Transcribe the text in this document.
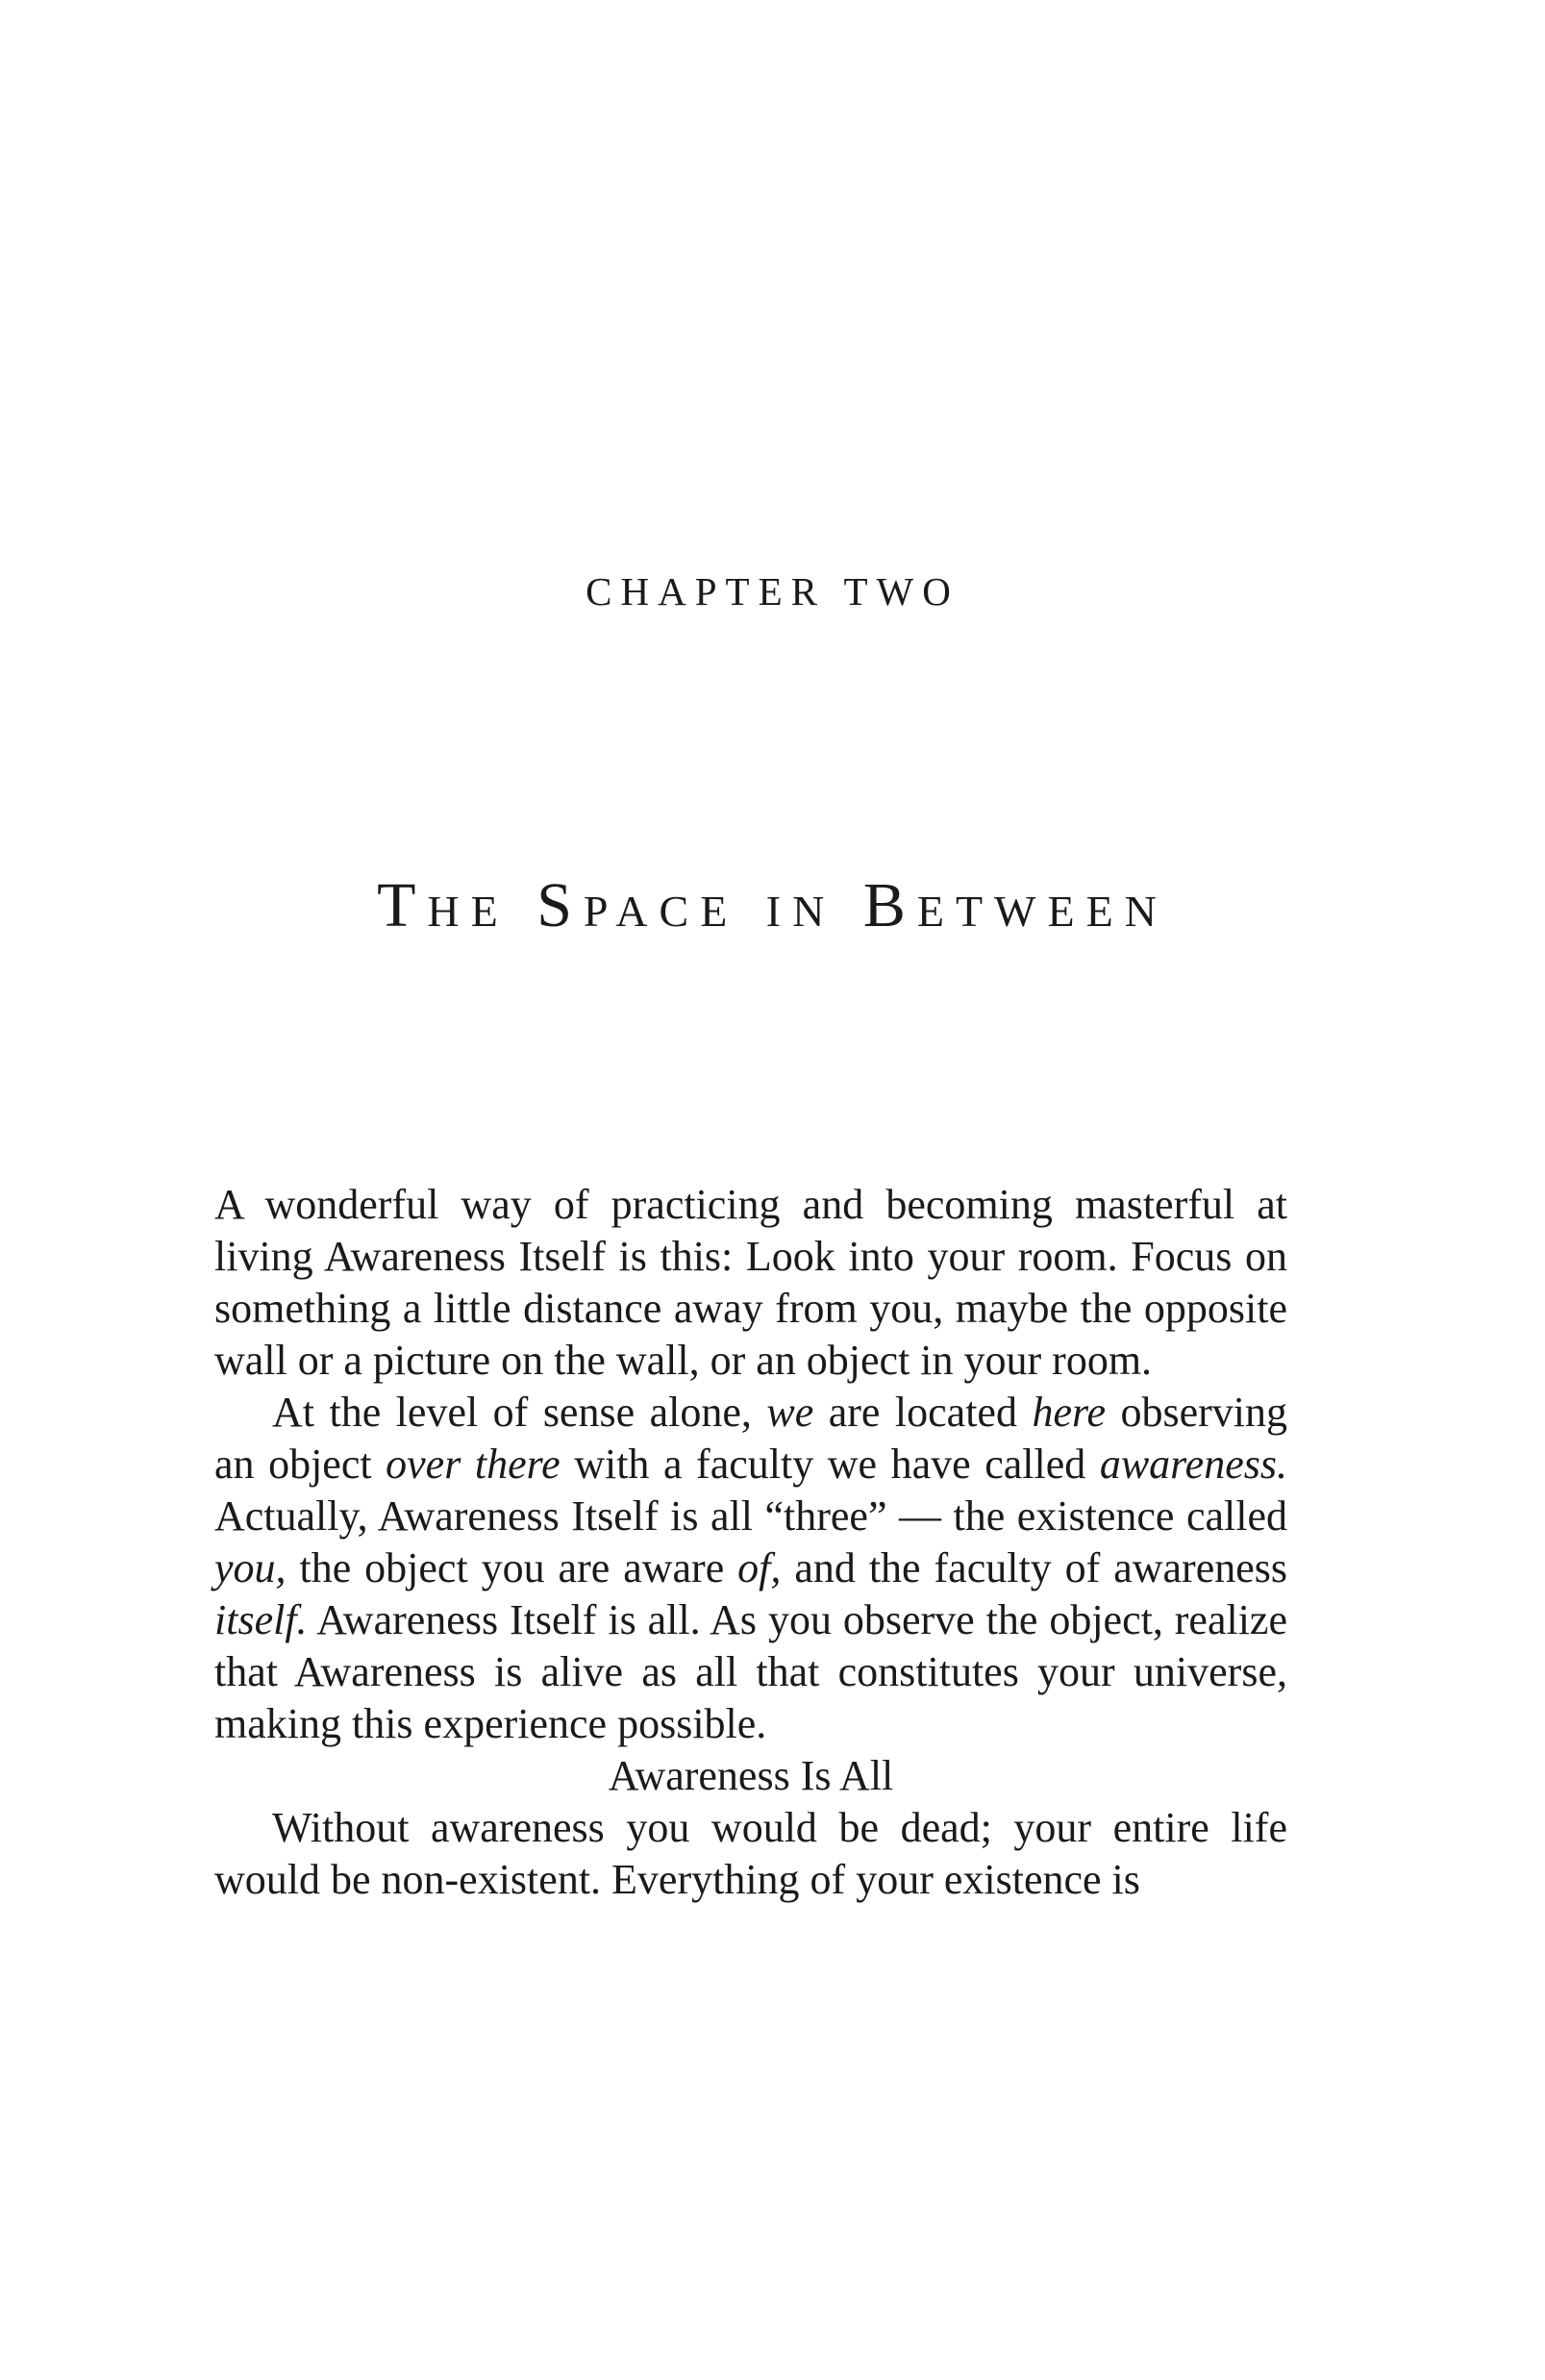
CHAPTER TWO
The Space in Between

A wonderful way of practicing and becoming masterful at living Awareness Itself is this: Look into your room. Focus on something a little distance away from you, maybe the opposite wall or a picture on the wall, or an object in your room.

At the level of sense alone, we are located here observing an object over there with a faculty we have called awareness. Actually, Awareness Itself is all “three” — the existence called you, the object you are aware of, and the faculty of awareness itself. Awareness Itself is all. As you observe the object, realize that Awareness is alive as all that constitutes your universe, making this experience possible.

Awareness Is All

Without awareness you would be dead; your entire life would be non-existent. Everything of your existence is
